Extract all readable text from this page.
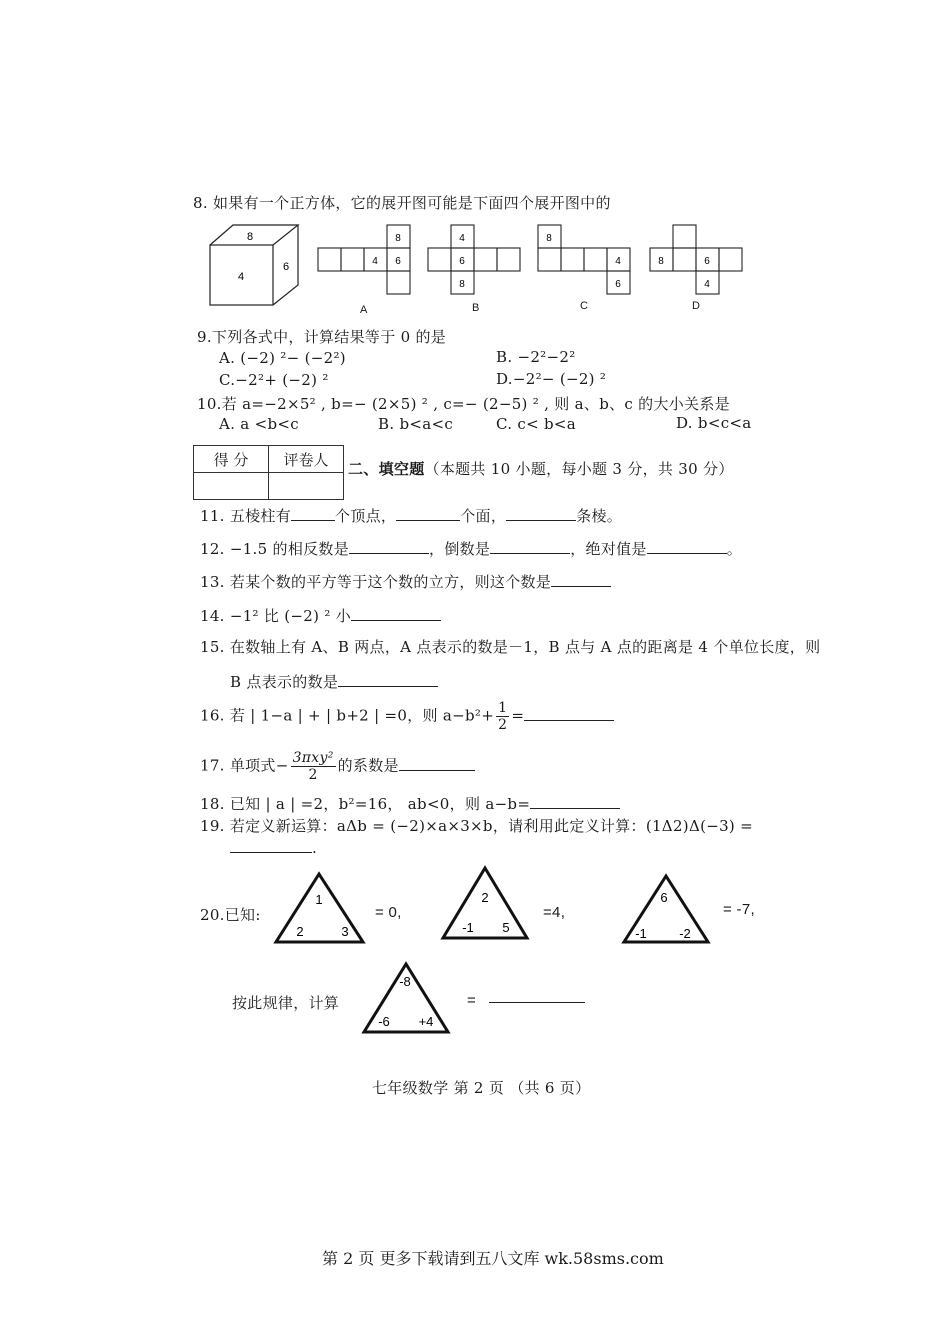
8. 如果有一个正方体，它的展开图可能是下面四个展开图中的
8
4
6
8
4 6
4
6
8
8
4
6
8	6
4
A	B	C	D
9.下列各式中，计算结果等于 0 的是
A. (−2) ²− (−2²)	B. −2²−2²
C.−2²+ (−2) ²	D.−2²− (−2) ²
10.若 a=−2×5² , b=− (2×5) ² , c=− (2−5) ² , 则 a、b、c 的大小关系是
A. a <b<c	B. b<a<c	C. c< b<a	D. b<c<a
得 分	评卷人

二、填空题（本题共 10 小题，每小题 3 分，共 30 分）
11. 五棱柱有	个顶点，	个面，	条棱。
12. −1.5 的相反数是	，倒数是	，绝对值是	。
13. 若某个数的平方等于这个数的立方，则这个数是
14. −1² 比 (−2) ² 小
15. 在数轴上有 A、B 两点，A 点表示的数是－1，B 点与 A 点的距离是 4 个单位长度，则
B 点表示的数是
16. 若 | 1−a | + | b+2 | =0，则 $a-b^2+ \frac{1}{2}$ =
17. 单项式− $\frac{\text{3πxy²}}{2}$ 的系数是
18. 已知 | a | =2，b²=16， ab<0，则 a−b=
19. 若定义新运算：aΔb = (−2)×a×3×b，请利用此定义计算：(1Δ2)Δ(−3) =
.
20.已知:
1
2	3
= 0,
2
-1 5
=4,
6
-1 -2
= -7,
按此规律，计算
-8
-6 +4
=
七年级数学 第 2 页 （共 6 页）
第 2 页 更多下载请到五八文库 wk.58sms.com
